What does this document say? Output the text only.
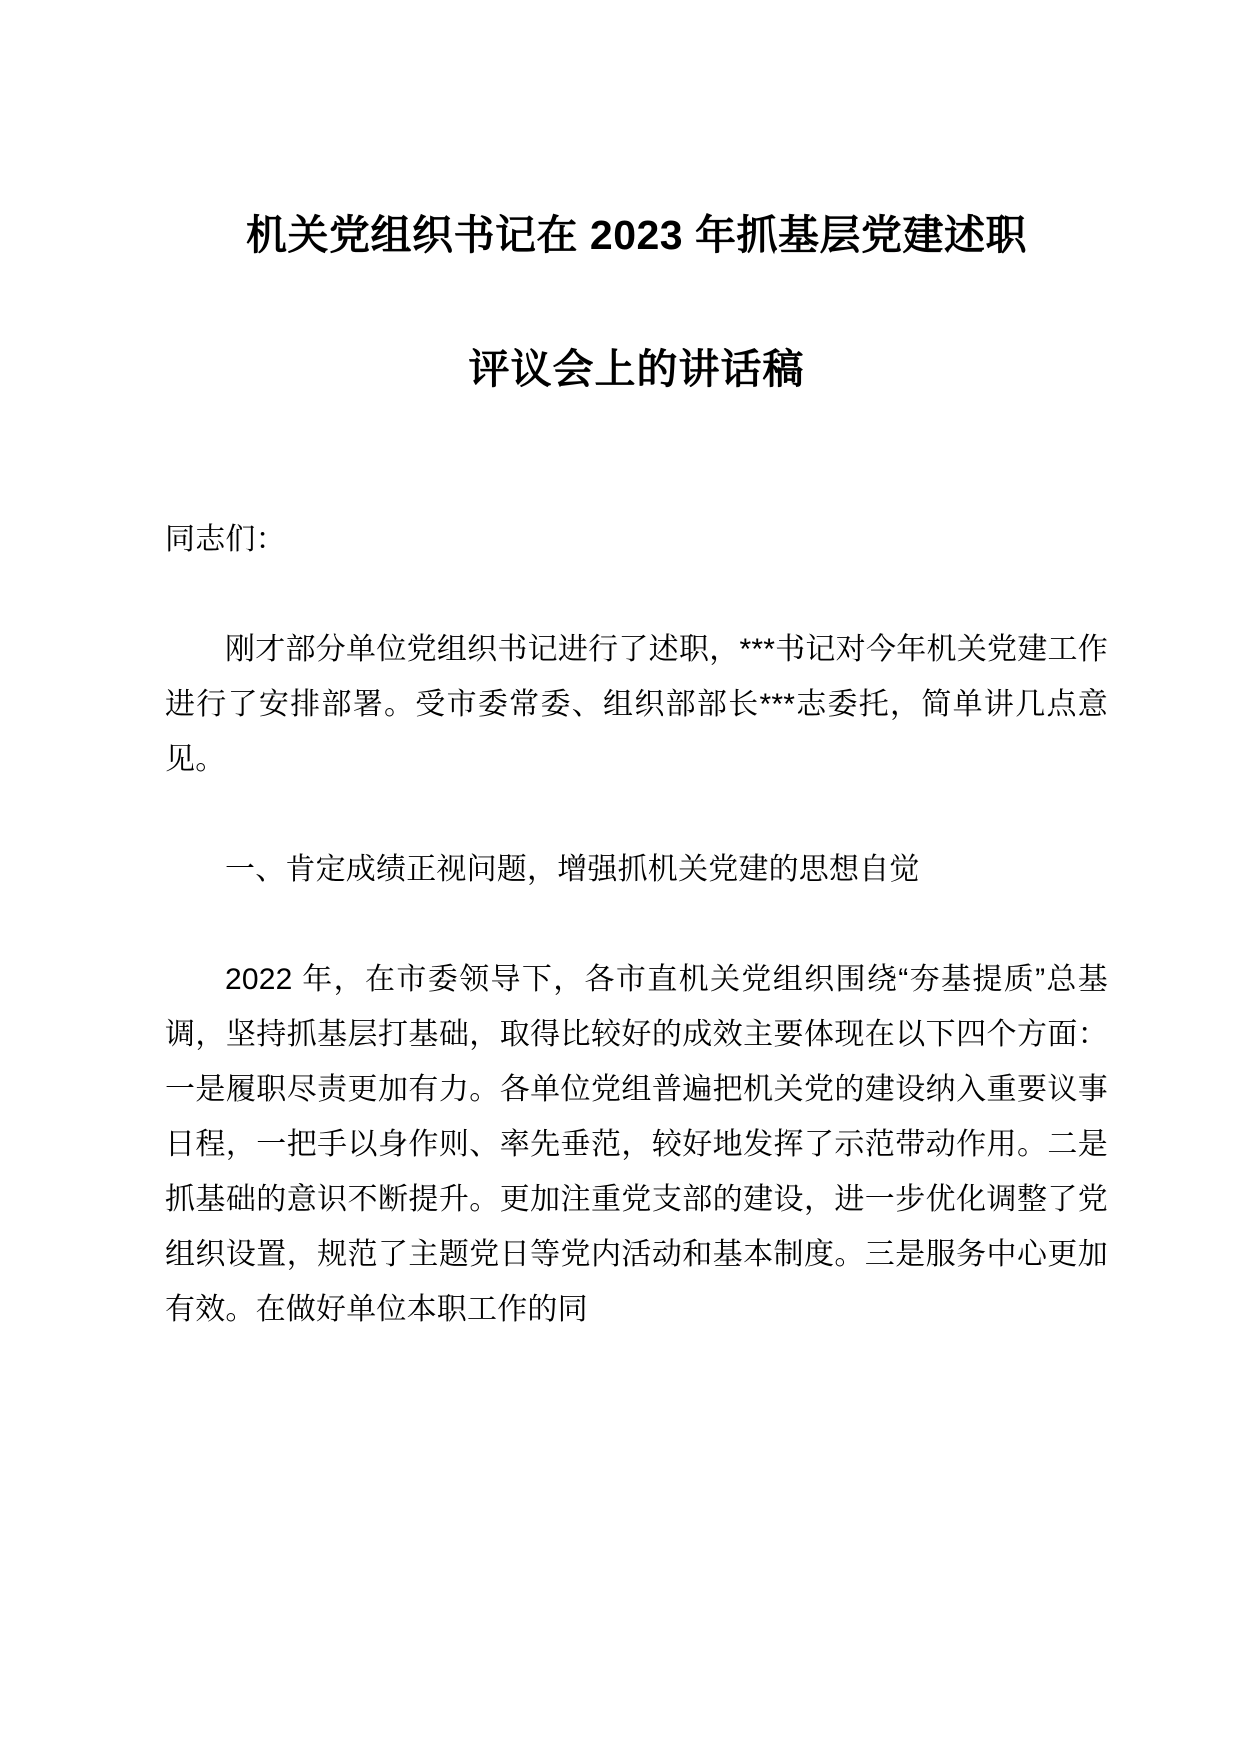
机关党组织书记在 2023 年抓基层党建述职
评议会上的讲话稿

同志们：

刚才部分单位党组织书记进行了述职，***书记对今年机关党建工作进行了安排部署。受市委常委、组织部部长***志委托，简单讲几点意见。

一、肯定成绩正视问题，增强抓机关党建的思想自觉

2022 年，在市委领导下，各市直机关党组织围绕“夯基提质”总基调，坚持抓基层打基础，取得比较好的成效主要体现在以下四个方面：一是履职尽责更加有力。各单位党组普遍把机关党的建设纳入重要议事日程，一把手以身作则、率先垂范，较好地发挥了示范带动作用。二是抓基础的意识不断提升。更加注重党支部的建设，进一步优化调整了党组织设置，规范了主题党日等党内活动和基本制度。三是服务中心更加有效。在做好单位本职工作的同
